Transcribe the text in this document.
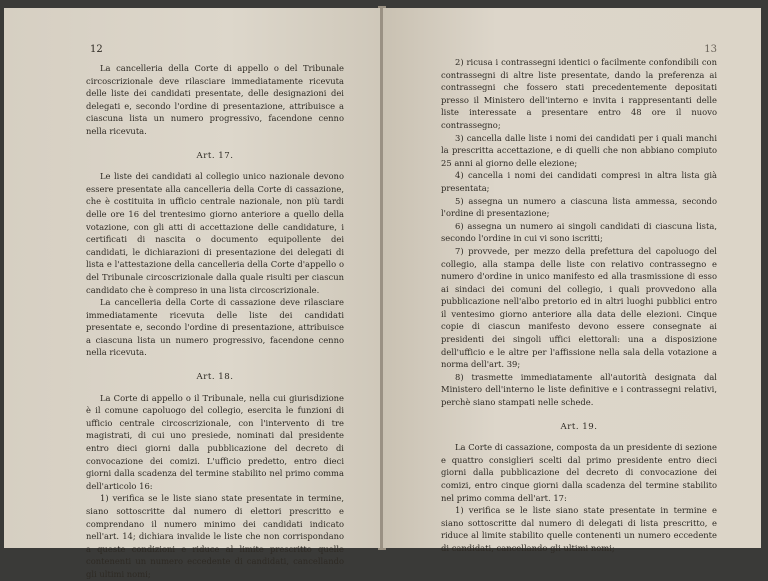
12

La cancelleria della Corte di appello o del Tribunale circoscrizionale deve rilasciare immediatamente ricevuta delle liste dei candidati presentate, delle designazioni dei delegati e, secondo l'ordine di presentazione, attribuisce a ciascuna lista un numero progressivo, facendone cenno nella ricevuta.

Art. 17.

Le liste dei candidati al collegio unico nazionale devono essere presentate alla cancelleria della Corte di cassazione, che è costituita in ufficio centrale nazionale, non più tardi delle ore 16 del trentesimo giorno anteriore a quello della votazione, con gli atti di accettazione delle candidature, i certificati di nascita o documento equipollente dei candidati, le dichiarazioni di presentazione dei delegati di lista e l'attestazione della cancelleria della Corte d'appello o del Tribunale circoscrizionale dalla quale risulti per ciascun candidato che è compreso in una lista circoscrizionale.

La cancelleria della Corte di cassazione deve rilasciare immediatamente ricevuta delle liste dei candidati presentate e, secondo l'ordine di presentazione, attribuisce a ciascuna lista un numero progressivo, facendone cenno nella ricevuta.

Art. 18.

La Corte di appello o il Tribunale, nella cui giurisdizione è il comune capoluogo del collegio, esercita le funzioni di ufficio centrale circoscrizionale, con l'intervento di tre magistrati, di cui uno presiede, nominati dal presidente entro dieci giorni dalla pubblicazione del decreto di convocazione dei comizi. L'ufficio predetto, entro dieci giorni dalla scadenza del termine stabilito nel primo comma dell'articolo 16:

1) verifica se le liste siano state presentate in termine, siano sottoscritte dal numero di elettori prescritto e comprendano il numero minimo dei candidati indicato nell'art. 14; dichiara invalide le liste che non corrispondano a queste condizioni e riduce al limite prescritto quelle contenenti un numero eccedente di candidati, cancellando gli ultimi nomi;

13

2) ricusa i contrassegni identici o facilmente confondibili con contrassegni di altre liste presentate, dando la preferenza ai contrassegni che fossero stati precedentemente depositati presso il Ministero dell'interno e invita i rappresentanti delle liste interessate a presentare entro 48 ore il nuovo contrassegno;

3) cancella dalle liste i nomi dei candidati per i quali manchi la prescritta accettazione, e di quelli che non abbiano compiuto 25 anni al giorno delle elezione;

4) cancella i nomi dei candidati compresi in altra lista già presentata;

5) assegna un numero a ciascuna lista ammessa, secondo l'ordine di presentazione;

6) assegna un numero ai singoli candidati di ciascuna lista, secondo l'ordine in cui vi sono iscritti;

7) provvede, per mezzo della prefettura del capoluogo del collegio, alla stampa delle liste con relativo contrassegno e numero d'ordine in unico manifesto ed alla trasmissione di esso ai sindaci dei comuni del collegio, i quali provvedono alla pubblicazione nell'albo pretorio ed in altri luoghi pubblici entro il ventesimo giorno anteriore alla data delle elezioni. Cinque copie di ciascun manifesto devono essere consegnate ai presidenti dei singoli uffici elettorali: una a disposizione dell'ufficio e le altre per l'affissione nella sala della votazione a norma dell'art. 39;

8) trasmette immediatamente all'autorità designata dal Ministero dell'interno le liste definitive e i contrassegni relativi, perchè siano stampati nelle schede.

Art. 19.

La Corte di cassazione, composta da un presidente di sezione e quattro consiglieri scelti dal primo presidente entro dieci giorni dalla pubblicazione del decreto di convocazione dei comizi, entro cinque giorni dalla scadenza del termine stabilito nel primo comma dell'art. 17:

1) verifica se le liste siano state presentate in termine e siano sottoscritte dal numero di delegati di lista prescritto, e riduce al limite stabilito quelle contenenti un numero eccedente di candidati, cancellando gli ultimi nomi;
